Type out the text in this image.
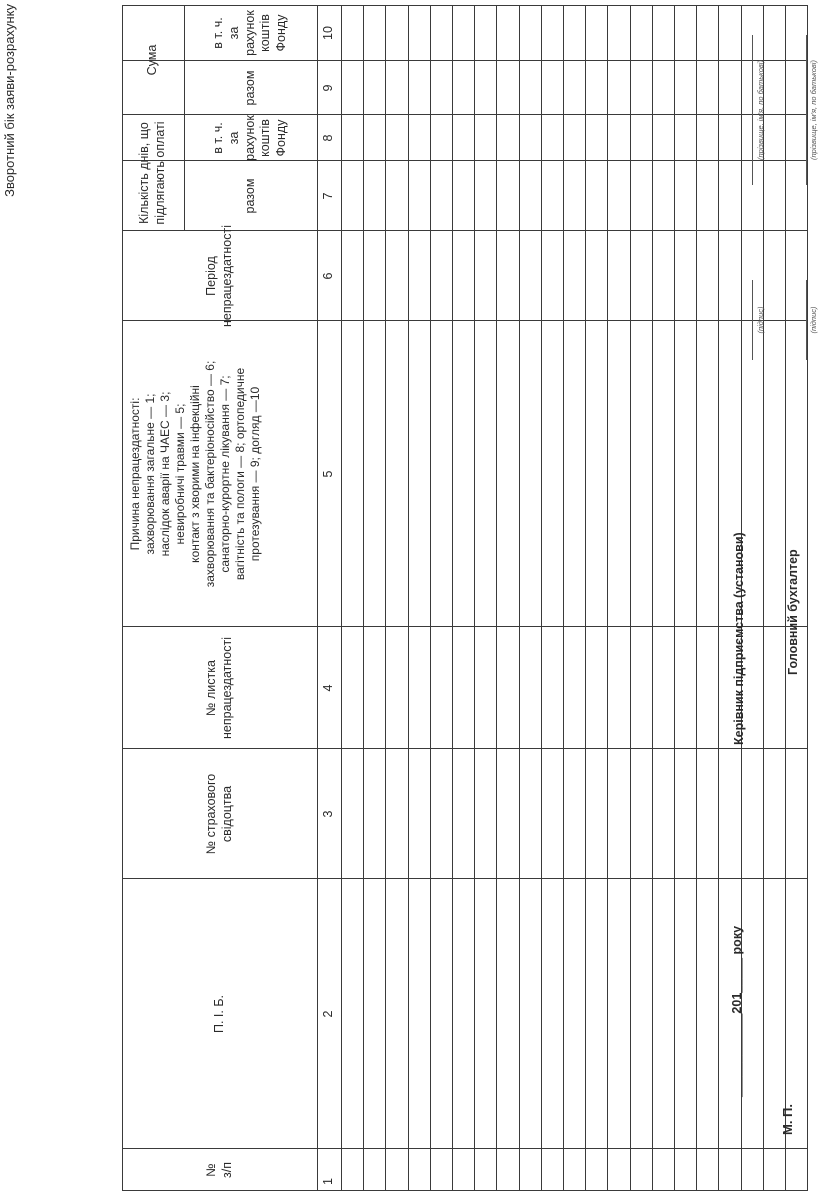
Зворотний бік заяви-розрахунку
№
з/п
1
П. І. Б.	2
№ страхового
свідоцтва	3
№ листка
непрацездатності	4
Причина непрацездатності:
захворювання загальне — 1;
наслідок аварії на ЧАЕС — 3;
невиробничі травми — 5;
контакт з хворими на інфекційні
захворювання та бактеріоносійство — 6;
санаторно-курортне лікування — 7;
вагітність та пологи — 8; ортопедичне
протезування — 9; догляд —10
5
Період
непрацездатності	6
разом	7
в т. ч.
за рахунок
коштів
Фонду	8
разом	9
в т. ч.
за рахунок
коштів
Фонду	10
Кількість днів, що
підлягають оплаті
Сума
____________201_____ року
М. П.
Керівник підприємства (установи)	Головний бухгалтер
(підпис)
(прізвище, ім'я, по батькові)
(підпис)
(прізвище, ім'я, по батькові)
